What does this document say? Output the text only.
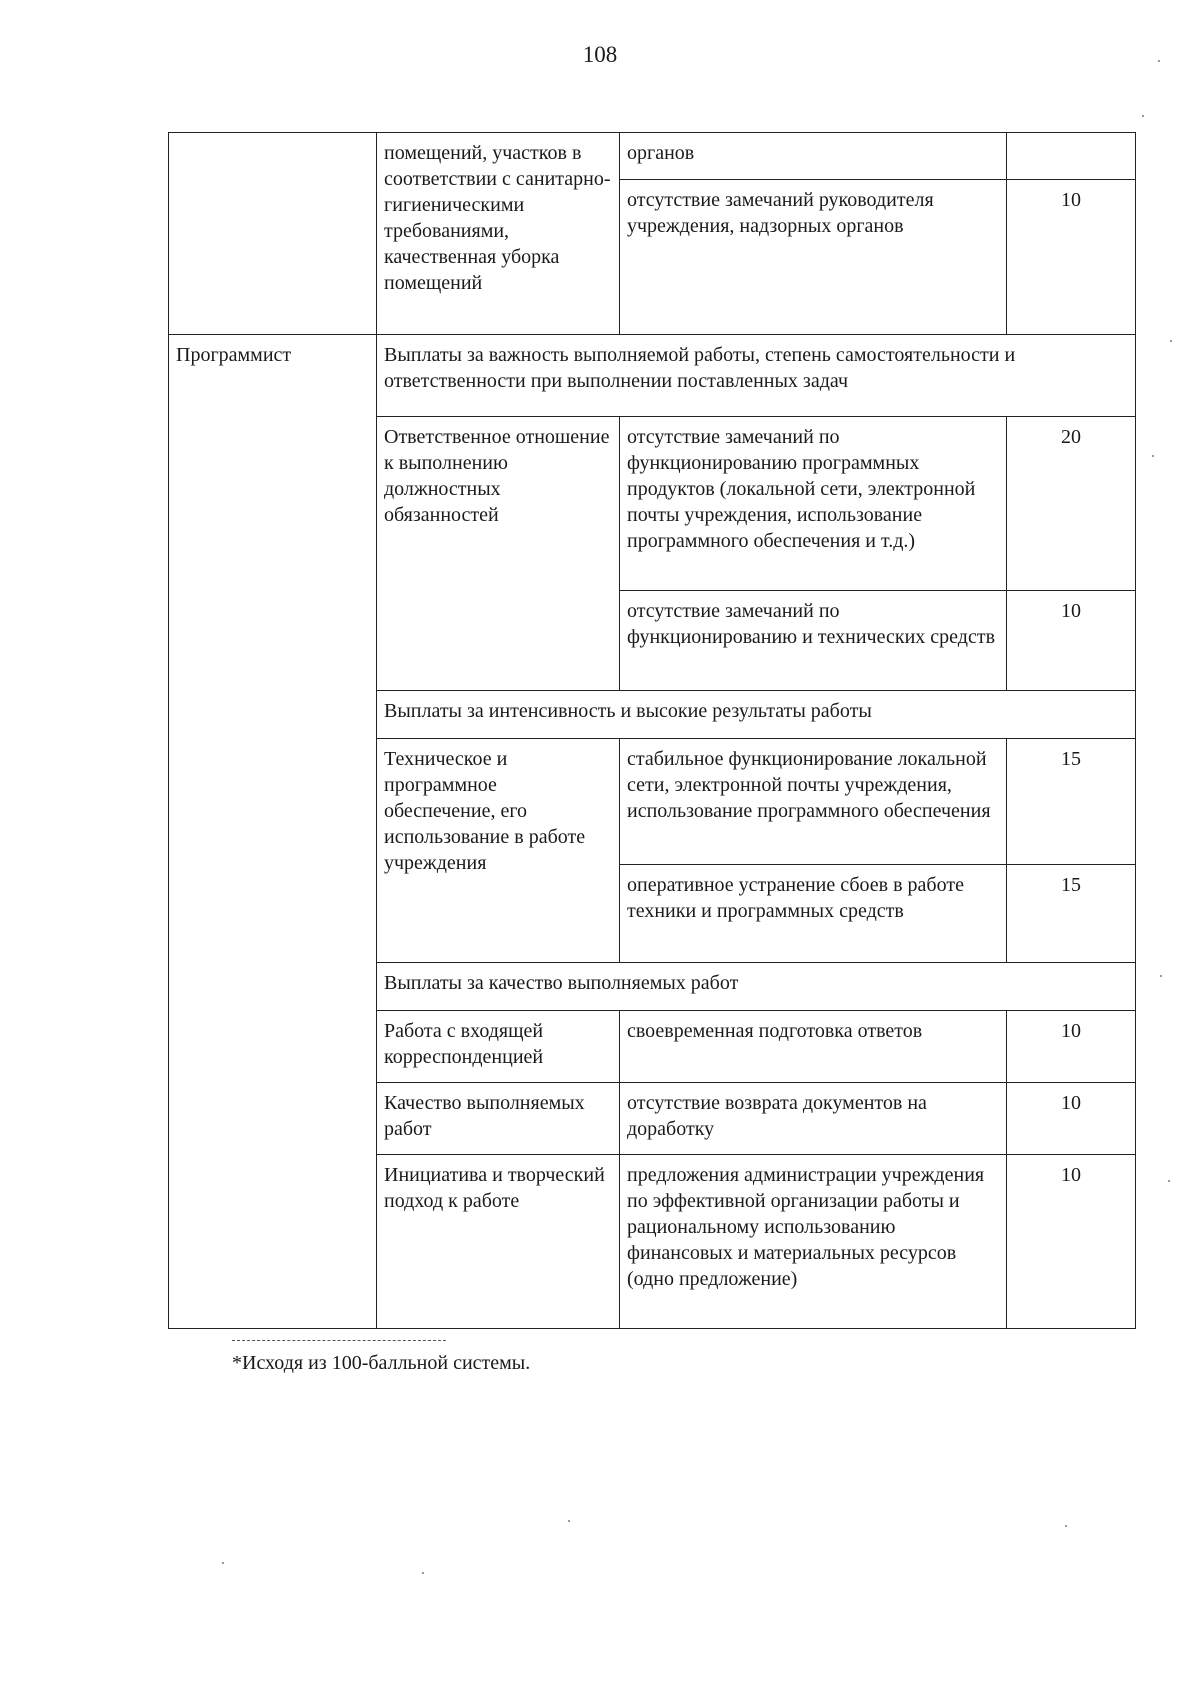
108
	помещений, участков в соответствии с санитарно-гигиеническими требованиями, качественная уборка помещений	органов	
		отсутствие замечаний руководителя учреждения, надзорных органов	10
Программист	Выплаты за важность выполняемой работы, степень самостоятельности и ответственности при выполнении поставленных задач		
	Ответственное отношение к выполнению должностных обязанностей	отсутствие замечаний по функционированию программных продуктов (локальной сети, электронной почты учреждения, использование программного обеспечения и т.д.)	20
		отсутствие замечаний по функционированию и технических средств	10
	Выплаты за интенсивность и высокие результаты работы		
	Техническое и программное обеспечение, его использование в работе учреждения	стабильное функционирование локальной сети, электронной почты учреждения, использование программного обеспечения	15
		оперативное устранение сбоев в работе техники и программных средств	15
	Выплаты за качество выполняемых работ		
	Работа с входящей корреспонденцией	своевременная подготовка ответов	10
	Качество выполняемых работ	отсутствие возврата документов на доработку	10
	Инициатива и творческий подход к работе	предложения администрации учреждения по эффективной организации работы и рациональному использованию финансовых и материальных ресурсов (одно предложение)	10
*Исходя из 100-балльной системы.
